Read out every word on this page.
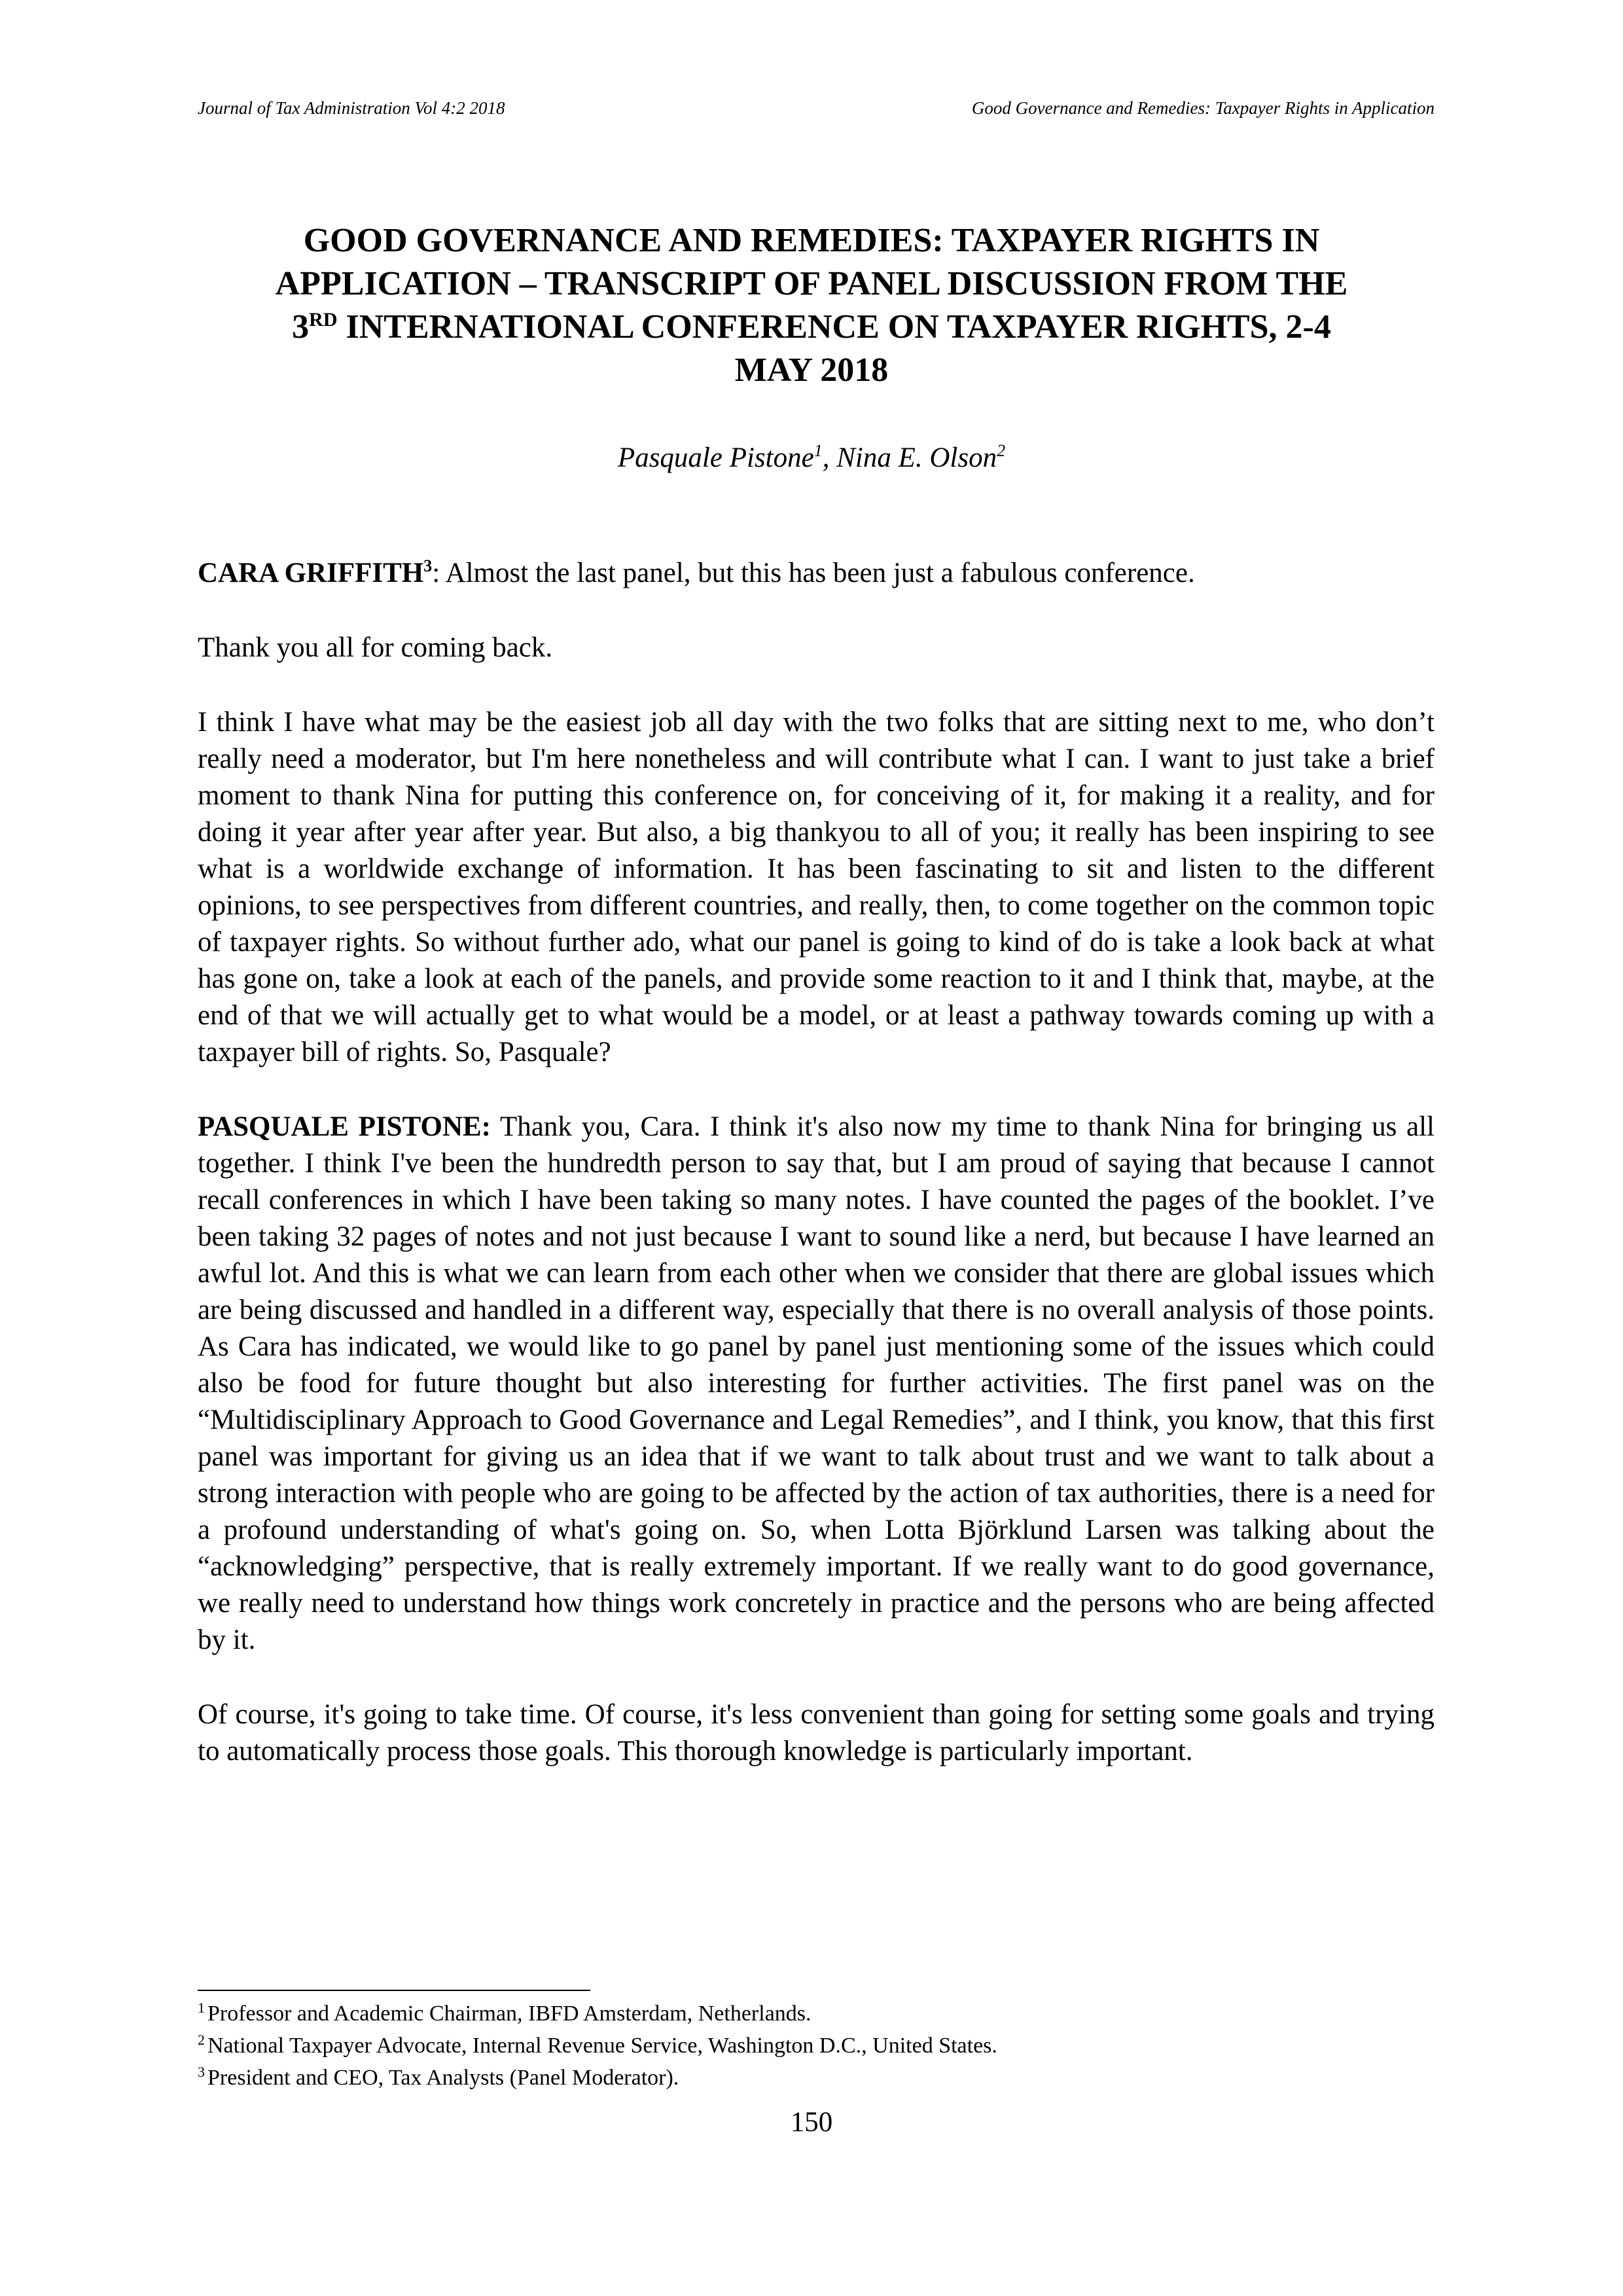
Journal of Tax Administration Vol 4:2 2018	Good Governance and Remedies: Taxpayer Rights in Application
GOOD GOVERNANCE AND REMEDIES: TAXPAYER RIGHTS IN
APPLICATION – TRANSCRIPT OF PANEL DISCUSSION FROM THE
3RD INTERNATIONAL CONFERENCE ON TAXPAYER RIGHTS, 2-4
MAY 2018
Pasquale Pistone$^1$, Nina E. Olson$^2$

CARA GRIFFITH$^3$: Almost the last panel, but this has been just a fabulous conference.

Thank you all for coming back.

I think I have what may be the easiest job all day with the two folks that are sitting next to me, who don’t really need a moderator, but I'm here nonetheless and will contribute what I can. I want to just take a brief moment to thank Nina for putting this conference on, for conceiving of it, for making it a reality, and for doing it year after year after year. But also, a big thankyou to all of you; it really has been inspiring to see what is a worldwide exchange of information. It has been fascinating to sit and listen to the different opinions, to see perspectives from different countries, and really, then, to come together on the common topic of taxpayer rights. So without further ado, what our panel is going to kind of do is take a look back at what has gone on, take a look at each of the panels, and provide some reaction to it and I think that, maybe, at the end of that we will actually get to what would be a model, or at least a pathway towards coming up with a taxpayer bill of rights. So, Pasquale?

PASQUALE PISTONE: Thank you, Cara. I think it's also now my time to thank Nina for bringing us all together. I think I've been the hundredth person to say that, but I am proud of saying that because I cannot recall conferences in which I have been taking so many notes. I have counted the pages of the booklet. I’ve been taking 32 pages of notes and not just because I want to sound like a nerd, but because I have learned an awful lot. And this is what we can learn from each other when we consider that there are global issues which are being discussed and handled in a different way, especially that there is no overall analysis of those points. As Cara has indicated, we would like to go panel by panel just mentioning some of the issues which could also be food for future thought but also interesting for further activities. The first panel was on the “Multidisciplinary Approach to Good Governance and Legal Remedies”, and I think, you know, that this first panel was important for giving us an idea that if we want to talk about trust and we want to talk about a strong interaction with people who are going to be affected by the action of tax authorities, there is a need for a profound understanding of what's going on. So, when Lotta Björklund Larsen was talking about the “acknowledging” perspective, that is really extremely important. If we really want to do good governance, we really need to understand how things work concretely in practice and the persons who are being affected by it.

Of course, it's going to take time. Of course, it's less convenient than going for setting some goals and trying to automatically process those goals. This thorough knowledge is particularly important.

$^1$ Professor and Academic Chairman, IBFD Amsterdam, Netherlands.
$^2$ National Taxpayer Advocate, Internal Revenue Service, Washington D.C., United States.
$^3$ President and CEO, Tax Analysts (Panel Moderator).
150
